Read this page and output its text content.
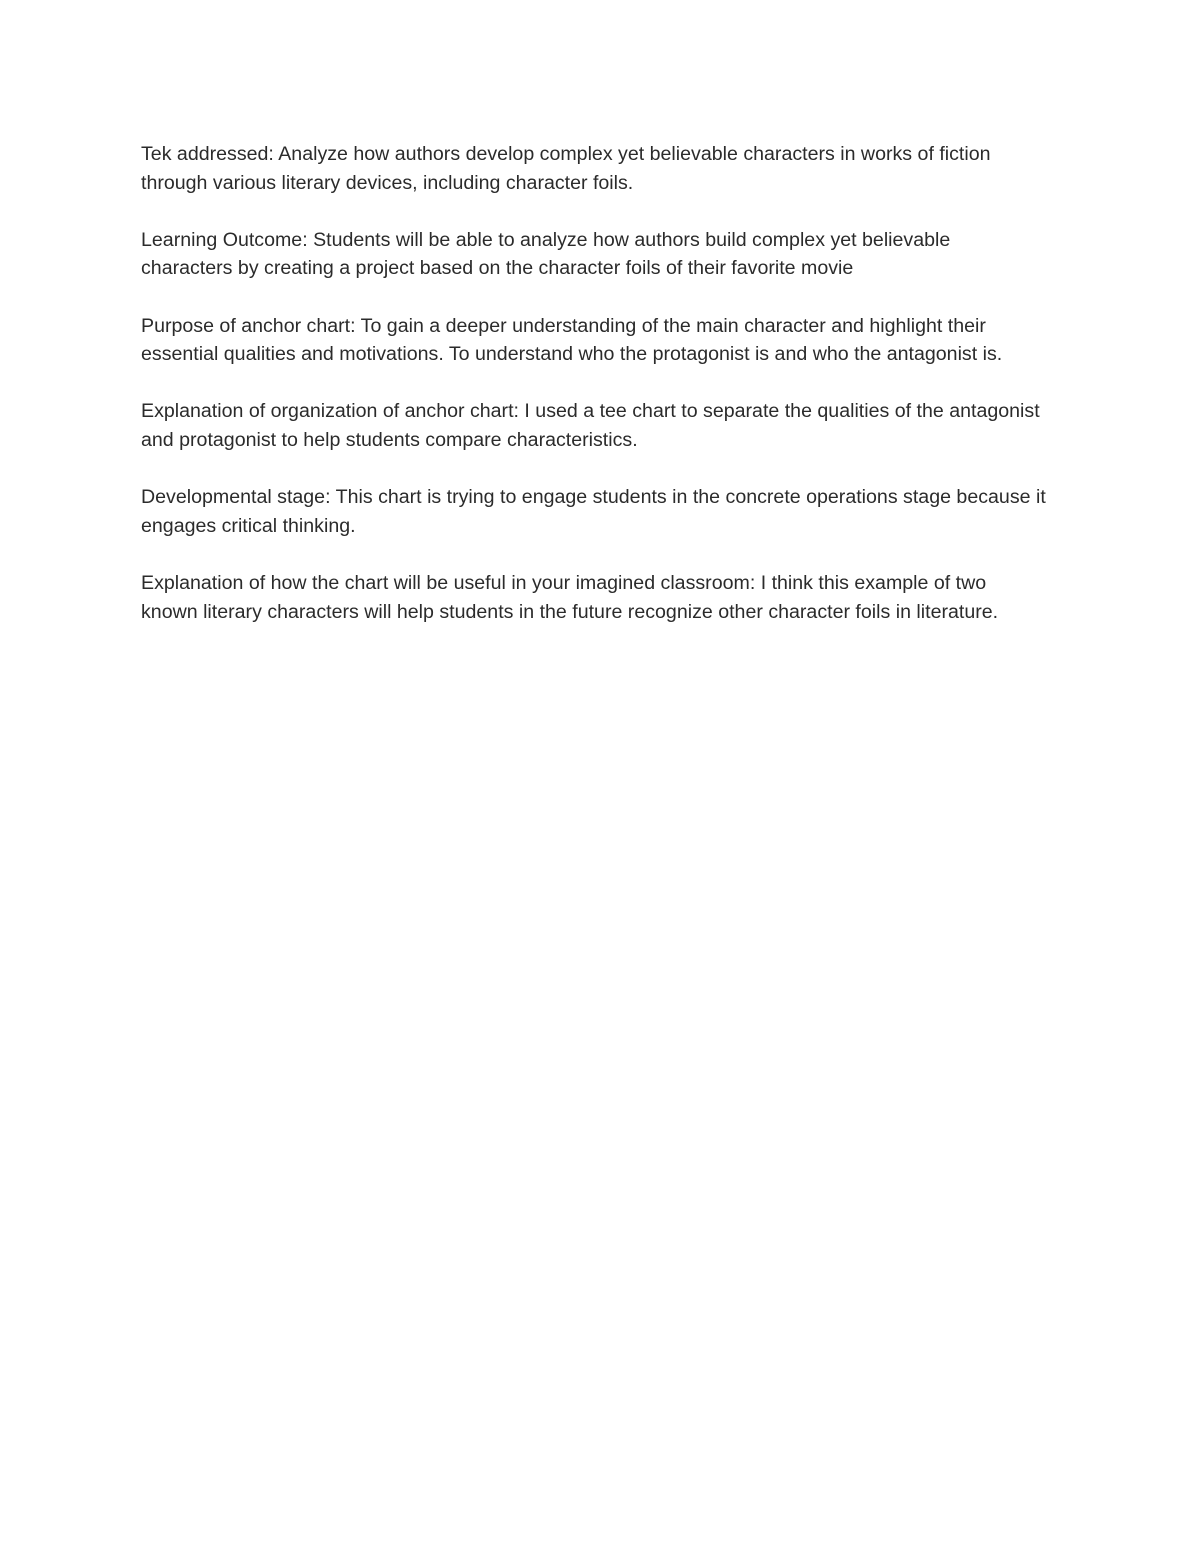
Tek addressed: Analyze how authors develop complex yet believable characters in works of fiction through various literary devices, including character foils.

Learning Outcome: Students will be able to analyze how authors build complex yet believable characters by creating a project based on the character foils of their favorite movie

Purpose of anchor chart: To gain a deeper understanding of the main character and highlight their essential qualities and motivations. To understand who the protagonist is and who the antagonist is.

Explanation of organization of anchor chart: I used a tee chart to separate the qualities of the antagonist and protagonist to help students compare characteristics.

Developmental stage: This chart is trying to engage students in the concrete operations stage because it engages critical thinking.

Explanation of how the chart will be useful in your imagined classroom: I think this example of two known literary characters will help students in the future recognize other character foils in literature.
